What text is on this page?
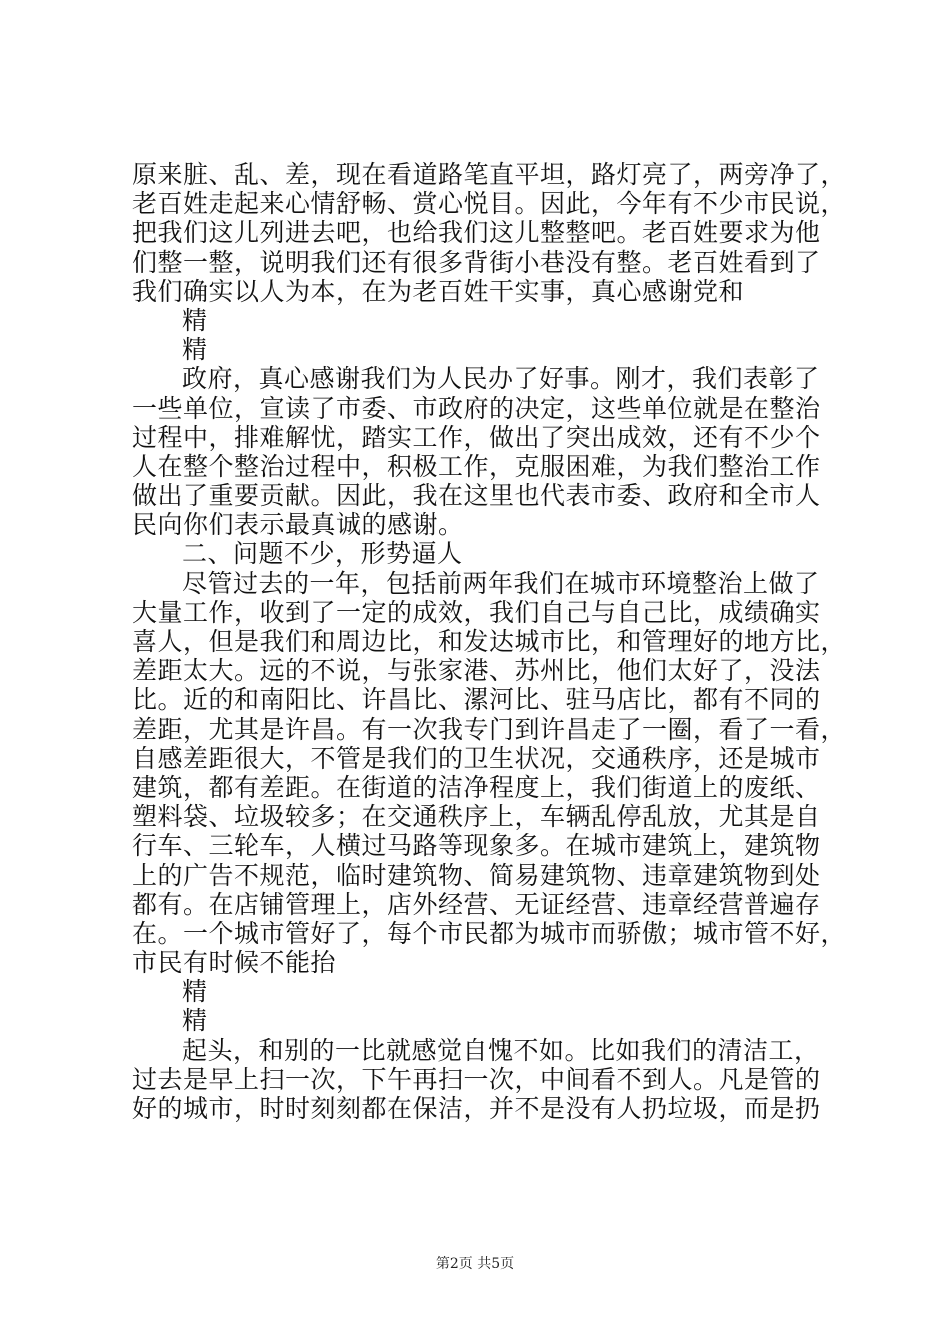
原来脏、乱、差，现在看道路笔直平坦，路灯亮了，两旁净了，
老百姓走起来心情舒畅、赏心悦目。因此，今年有不少市民说，
把我们这儿列进去吧，也给我们这儿整整吧。老百姓要求为他
们整一整，说明我们还有很多背街小巷没有整。老百姓看到了
我们确实以人为本，在为老百姓干实事，真心感谢党和
精
精
政府，真心感谢我们为人民办了好事。刚才，我们表彰了
一些单位，宣读了市委、市政府的决定，这些单位就是在整治
过程中，排难解忧，踏实工作，做出了突出成效，还有不少个
人在整个整治过程中，积极工作，克服困难，为我们整治工作
做出了重要贡献。因此，我在这里也代表市委、政府和全市人
民向你们表示最真诚的感谢。
二、问题不少，形势逼人
尽管过去的一年，包括前两年我们在城市环境整治上做了
大量工作，收到了一定的成效，我们自己与自己比，成绩确实
喜人，但是我们和周边比，和发达城市比，和管理好的地方比，
差距太大。远的不说，与张家港、苏州比，他们太好了，没法
比。近的和南阳比、许昌比、漯河比、驻马店比，都有不同的
差距，尤其是许昌。有一次我专门到许昌走了一圈，看了一看，
自感差距很大，不管是我们的卫生状况，交通秩序，还是城市
建筑，都有差距。在街道的洁净程度上，我们街道上的废纸、
塑料袋、垃圾较多；在交通秩序上，车辆乱停乱放，尤其是自
行车、三轮车，人横过马路等现象多。在城市建筑上，建筑物
上的广告不规范，临时建筑物、简易建筑物、违章建筑物到处
都有。在店铺管理上，店外经营、无证经营、违章经营普遍存
在。一个城市管好了，每个市民都为城市而骄傲；城市管不好，
市民有时候不能抬
精
精
起头，和别的一比就感觉自愧不如。比如我们的清洁工，
过去是早上扫一次，下午再扫一次，中间看不到人。凡是管的
好的城市，时时刻刻都在保洁，并不是没有人扔垃圾，而是扔
第2页 共5页
